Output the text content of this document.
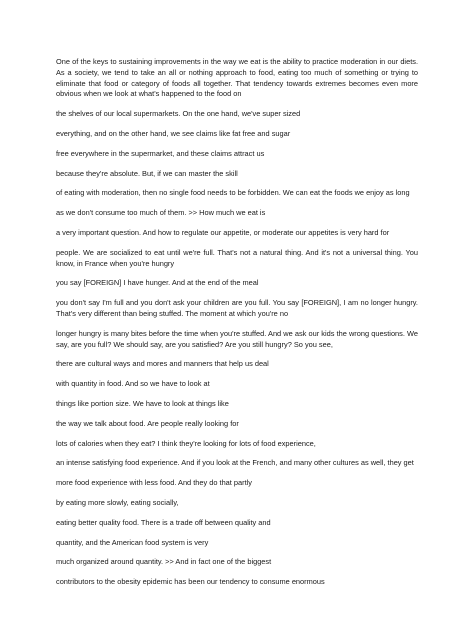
One of the keys to sustaining improvements in the way we eat is the ability to practice moderation in our diets. As a society, we tend to take an all or nothing approach to food, eating too much of something or trying to eliminate that food or category of foods all together. That tendency towards extremes becomes even more obvious when we look at what's happened to the food on

the shelves of our local supermarkets. On the one hand, we've super sized

everything, and on the other hand, we see claims like fat free and sugar

free everywhere in the supermarket, and these claims attract us

because they're absolute. But, if we can master the skill

of eating with moderation, then no single food needs to be forbidden. We can eat the foods we enjoy as long

as we don't consume too much of them. >> How much we eat is

a very important question. And how to regulate our appetite, or moderate our appetites is very hard for

people. We are socialized to eat until we're full. That's not a natural thing. And it's not a universal thing. You know, in France when you're hungry

you say [FOREIGN] I have hunger. And at the end of the meal

you don't say I'm full and you don't ask your children are you full. You say [FOREIGN], I am no longer hungry. That's very different than being stuffed. The moment at which you're no

longer hungry is many bites before the time when you're stuffed. And we ask our kids the wrong questions. We say, are you full? We should say, are you satisfied? Are you still hungry? So you see,

there are cultural ways and mores and manners that help us deal

with quantity in food. And so we have to look at

things like portion size. We have to look at things like

the way we talk about food. Are people really looking for

lots of calories when they eat? I think they're looking for lots of food experience,

an intense satisfying food experience. And if you look at the French, and many other cultures as well, they get

more food experience with less food. And they do that partly

by eating more slowly, eating socially,

eating better quality food. There is a trade off between quality and

quantity, and the American food system is very

much organized around quantity. >> And in fact one of the biggest

contributors to the obesity epidemic has been our tendency to consume enormous
